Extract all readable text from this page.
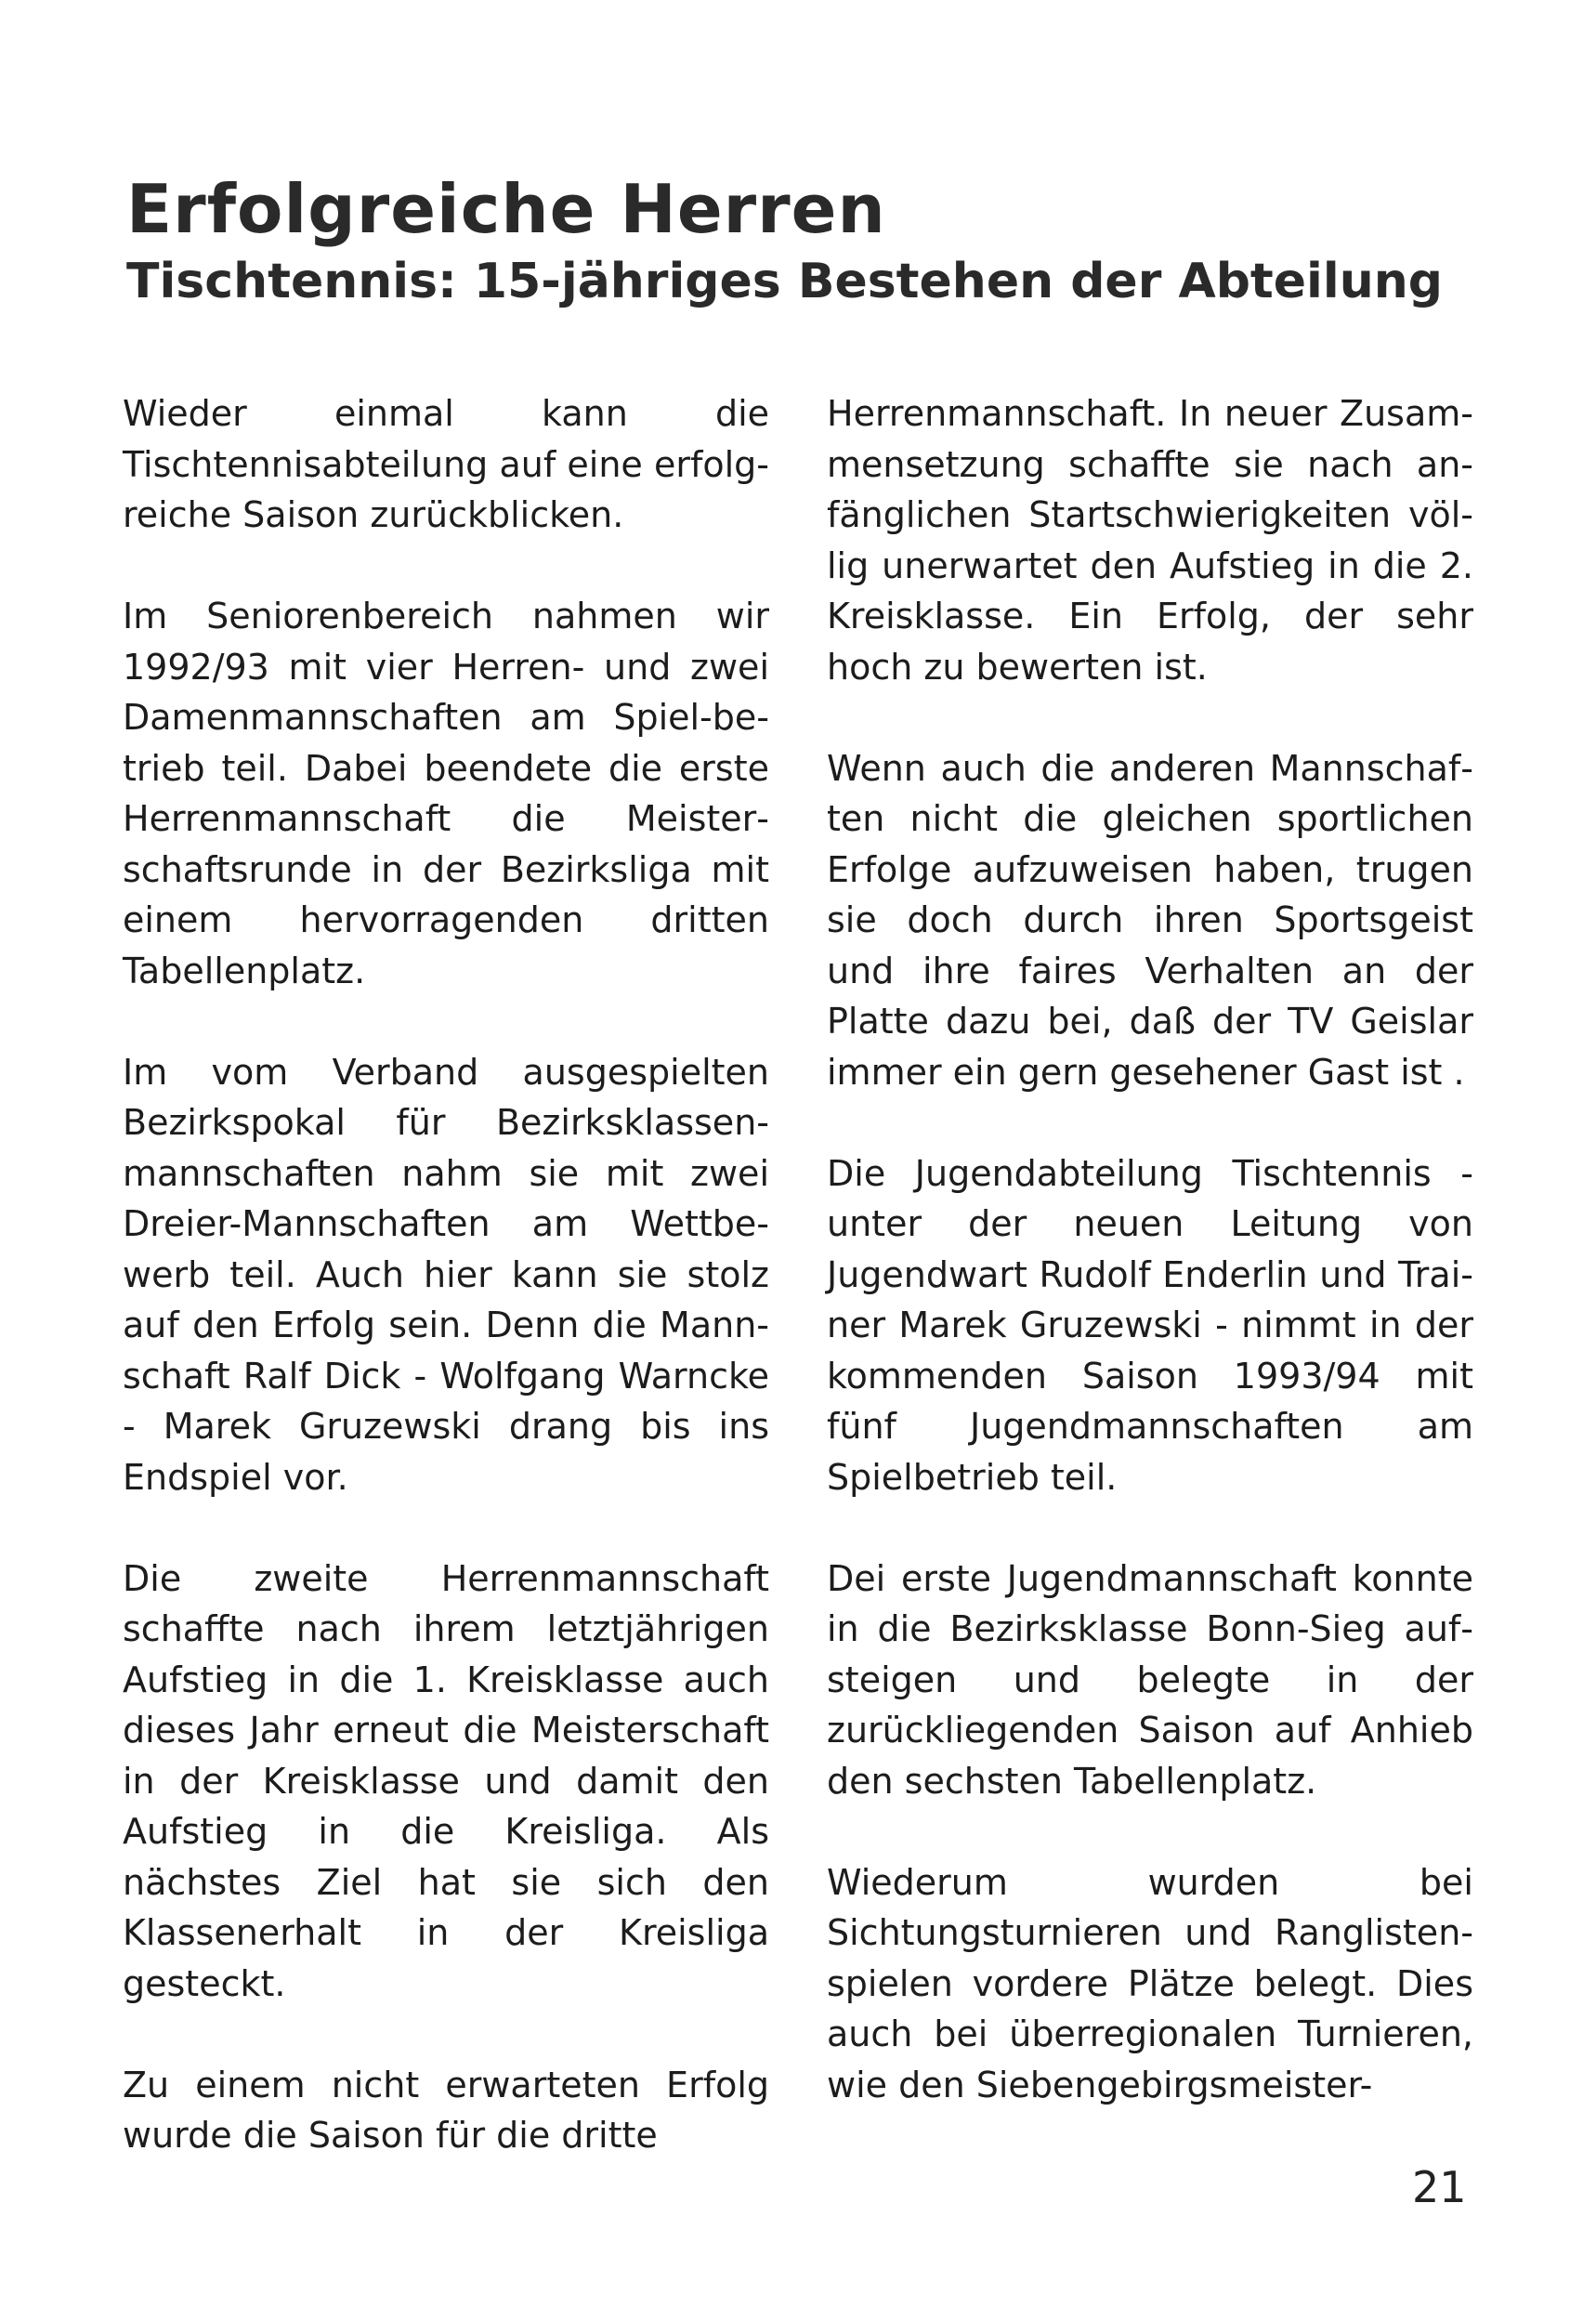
Erfolgreiche Herren
Tischtennis: 15-jähriges Bestehen der Abteilung

Wieder einmal kann die Tischtennisabteilung auf eine erfolgreiche Saison zurückblicken.

Im Seniorenbereich nahmen wir 1992/93 mit vier Herren- und zwei Damenmannschaften am Spiel-betrieb teil. Dabei beendete die erste Herrenmannschaft die Meisterschaftsrunde in der Bezirksliga mit einem hervorragenden dritten Tabellenplatz.

Im vom Verband ausgespielten Bezirkspokal für Bezirksklassenmannschaften nahm sie mit zwei Dreier-Mannschaften am Wettbewerb teil. Auch hier kann sie stolz auf den Erfolg sein. Denn die Mannschaft Ralf Dick - Wolfgang Warncke - Marek Gruzewski drang bis ins Endspiel vor.

Die zweite Herrenmannschaft schaffte nach ihrem letztjährigen Aufstieg in die 1. Kreisklasse auch dieses Jahr erneut die Meisterschaft in der Kreisklasse und damit den Aufstieg in die Kreisliga. Als nächstes Ziel hat sie sich den Klassenerhalt in der Kreisliga gesteckt.

Zu einem nicht erwarteten Erfolg wurde die Saison für die dritte

Herrenmannschaft. In neuer Zusammensetzung schaffte sie nach anfänglichen Startschwierigkeiten völlig unerwartet den Aufstieg in die 2. Kreisklasse. Ein Erfolg, der sehr hoch zu bewerten ist.

Wenn auch die anderen Mannschaften nicht die gleichen sportlichen Erfolge aufzuweisen haben, trugen sie doch durch ihren Sportsgeist und ihre faires Verhalten an der Platte dazu bei, daß der TV Geislar immer ein gern gesehener Gast ist .

Die Jugendabteilung Tischtennis - unter der neuen Leitung von Jugendwart Rudolf Enderlin und Trainer Marek Gruzewski - nimmt in der kommenden Saison 1993/94 mit fünf Jugendmannschaften am Spielbetrieb teil.

Dei erste Jugendmannschaft konnte in die Bezirksklasse Bonn-Sieg aufsteigen und belegte in der zurückliegenden Saison auf Anhieb den sechsten Tabellenplatz.

Wiederum wurden bei Sichtungsturnieren und Ranglistenspielen vordere Plätze belegt. Dies auch bei überregionalen Turnieren, wie den Siebengebirgsmeister-

21
